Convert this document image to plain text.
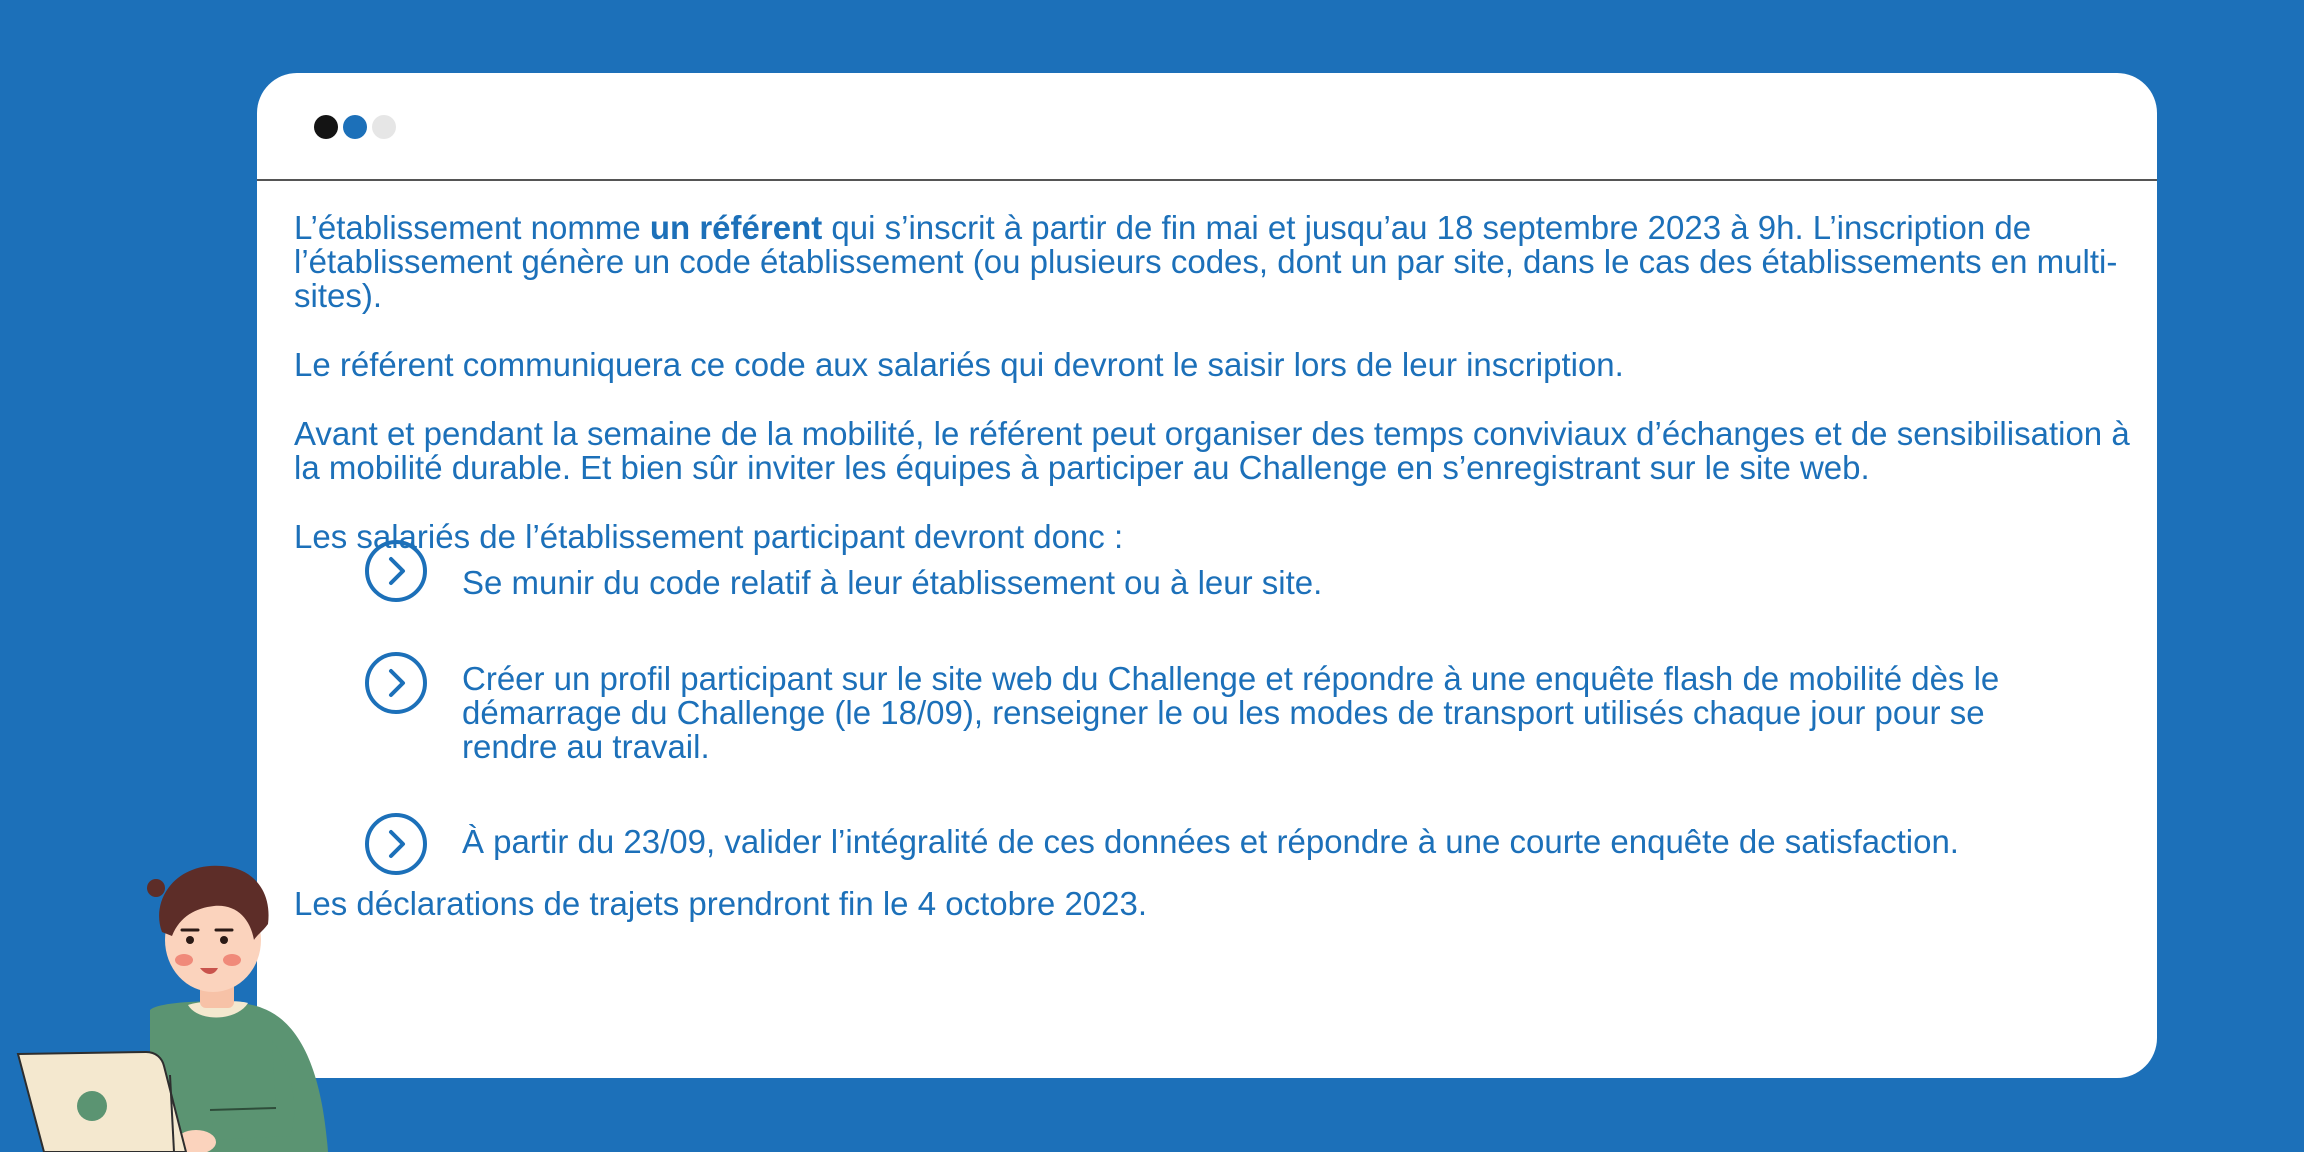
L’établissement nomme un référent qui s’inscrit à partir de fin mai et jusqu’au 18 septembre 2023 à 9h. L’inscription de l’établissement génère un code établissement (ou plusieurs codes, dont un par site, dans le cas des établissements en multi-sites).

Le référent communiquera ce code aux salariés qui devront le saisir lors de leur inscription.

Avant et pendant la semaine de la mobilité, le référent peut organiser des temps conviviaux d’échanges et de sensibilisation à la mobilité durable. Et bien sûr inviter les équipes à participer au Challenge en s’enregistrant sur le site web.

Les salariés de l’établissement participant devront donc :

Se munir du code relatif à leur établissement ou à leur site.
Créer un profil participant sur le site web du Challenge et répondre à une enquête flash de mobilité dès le démarrage du Challenge (le 18/09), renseigner le ou les modes de transport utilisés chaque jour pour se rendre au travail.
À partir du 23/09, valider l’intégralité de ces données et répondre à une courte enquête de satisfaction.

Les déclarations de trajets prendront fin le 4 octobre 2023.
